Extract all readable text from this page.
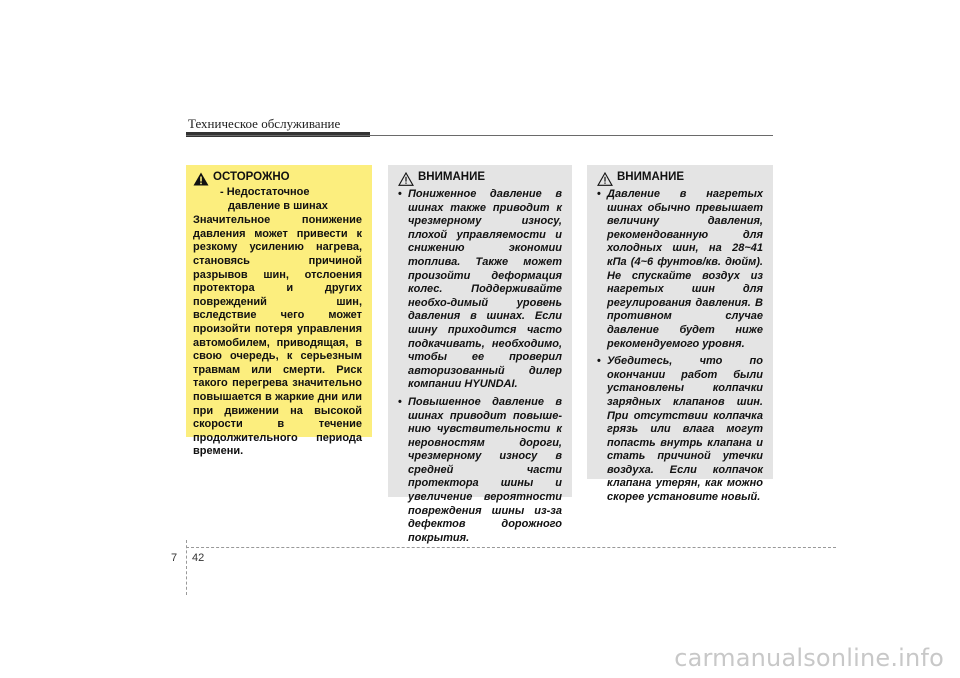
Техническое обслуживание
ОСТОРОЖНО
- Недостаточное
давление в шинах
Значительное понижение давления может привести к резкому усилению нагрева, становясь причиной разрывов шин, отслоения протектора и других повреждений шин, вследствие чего может произойти потеря управления автомобилем, приводящая, в свою очередь, к серьезным травмам или смерти. Риск такого перегрева значительно повышается в жаркие дни или при движении на высокой скорости в течение продолжительного периода времени.
ВНИМАНИЕ
• Пониженное давление в шинах также приводит к чрезмерному износу, плохой управляемости и снижению экономии топлива. Также может произойти деформация колес. Поддерживайте необхо-димый уровень давления в шинах. Если шину приходится часто подкачивать, необходимо, чтобы ее проверил авторизованный дилер компании HYUNDAI.
• Повышенное давление в шинах приводит повыше-нию чувствительности к неровностям дороги, чрезмерному износу в средней части протектора шины и увеличение вероятности повреждения шины из-за дефектов дорожного покрытия.
ВНИМАНИЕ
• Давление в нагретых шинах обычно превышает величину давления, рекомендованную для холодных шин, на 28~41 кПа (4~6 фунтов/кв. дюйм). Не спускайте воздух из нагретых шин для регулирования давления. В противном случае давление будет ниже рекомендуемого уровня.
• Убедитесь, что по окончании работ были установлены колпачки зарядных клапанов шин. При отсутствии колпачка грязь или влага могут попасть внутрь клапана и стать причиной утечки воздуха. Если колпачок клапана утерян, как можно скорее установите новый.
7 42
carmanualsonline.info
